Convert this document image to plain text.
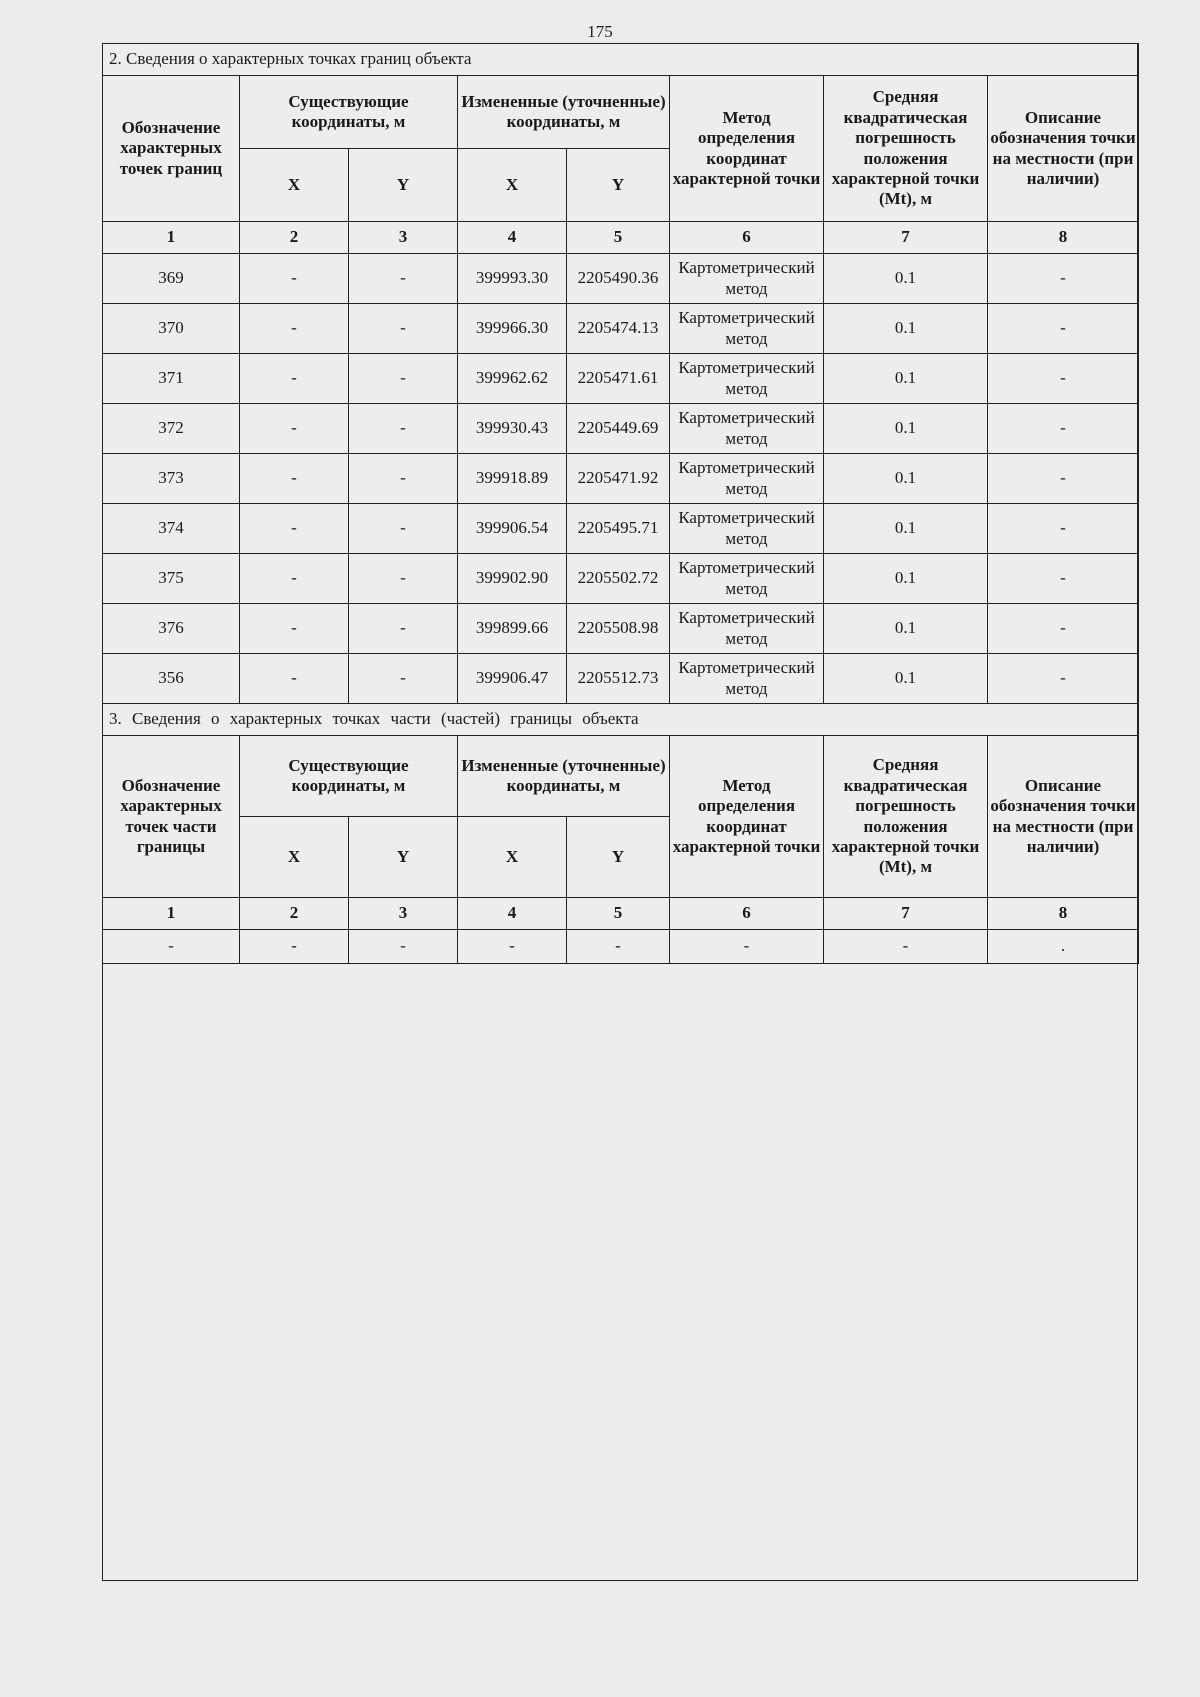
175
2. Сведения о характерных точках границ объекта							
Обозначение характерных точек границ	Существующие координаты, м		Измененные (уточненные) координаты, м		Метод определения координат характерной точки	Средняя квадратическая погрешность положения характерной точки (Mt), м	Описание обозначения точки на местности (при наличии)
	X	Y	X	Y			
1	2	3	4	5	6	7	8
369	-	-	399993.30	2205490.36	Картометрический метод	0.1	-
370	-	-	399966.30	2205474.13	Картометрический метод	0.1	-
371	-	-	399962.62	2205471.61	Картометрический метод	0.1	-
372	-	-	399930.43	2205449.69	Картометрический метод	0.1	-
373	-	-	399918.89	2205471.92	Картометрический метод	0.1	-
374	-	-	399906.54	2205495.71	Картометрический метод	0.1	-
375	-	-	399902.90	2205502.72	Картометрический метод	0.1	-
376	-	-	399899.66	2205508.98	Картометрический метод	0.1	-
356	-	-	399906.47	2205512.73	Картометрический метод	0.1	-
3. Сведения о характерных точках части (частей) границы объекта							
Обозначение характерных точек части границы	Существующие координаты, м		Измененные (уточненные) координаты, м		Метод определения координат характерной точки	Средняя квадратическая погрешность положения характерной точки (Mt), м	Описание обозначения точки на местности (при наличии)
	X	Y	X	Y			
1	2	3	4	5	6	7	8
-	-	-	-	-	-	-	.
